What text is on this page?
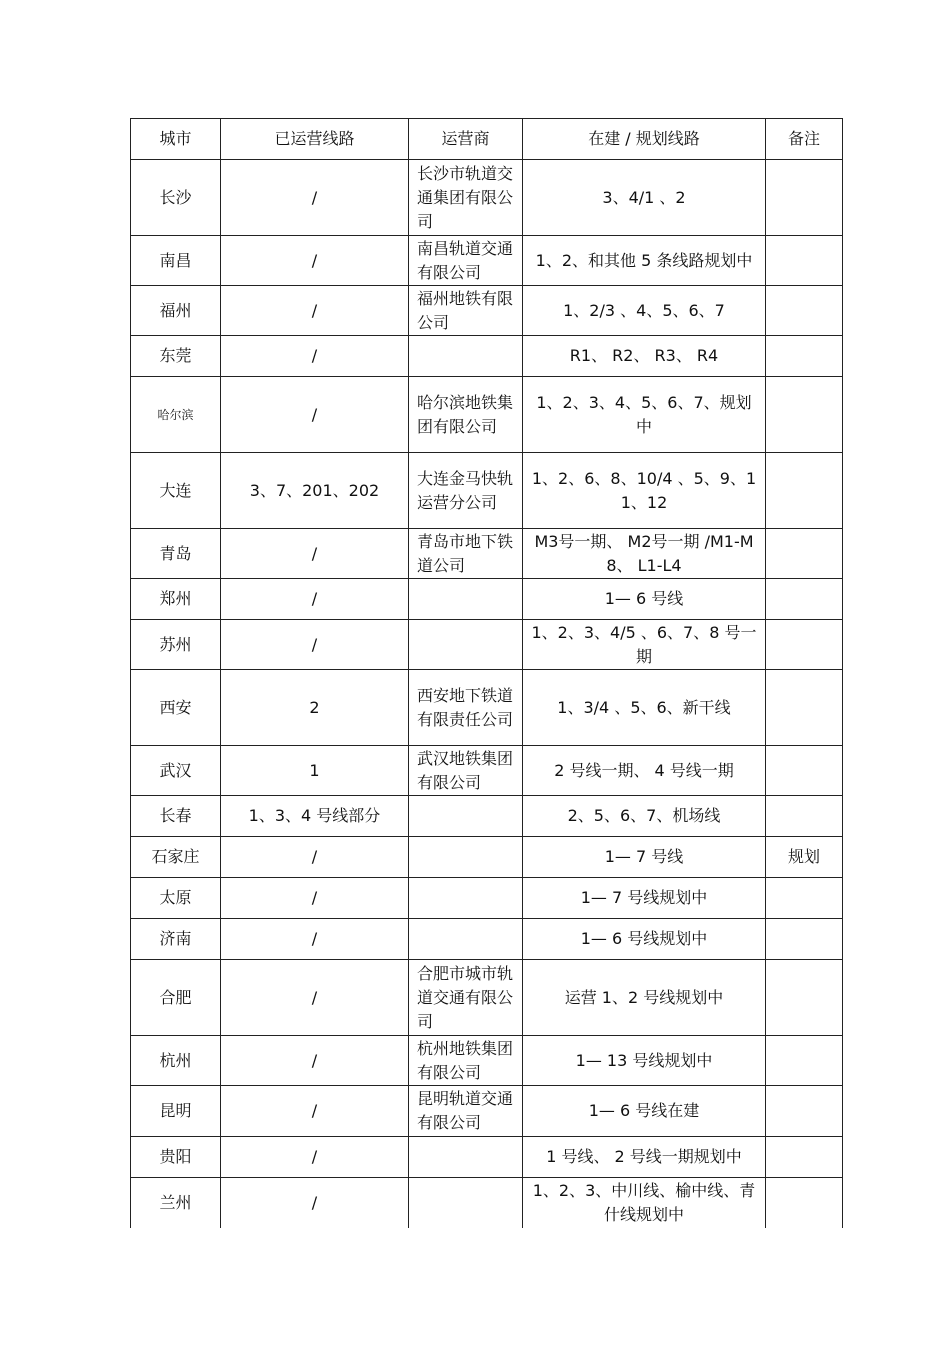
城市	已运营线路	运营商	在建 / 规划线路	备注
长沙	/	长沙市轨道交通集团有限公司	3、4/1 、2	
南昌	/	南昌轨道交通有限公司	1、2、和其他 5 条线路规划中	
福州	/	福州地铁有限公司	1、2/3 、4、5、6、7	
东莞	/		R1、 R2、 R3、 R4	
哈尔滨	/	哈尔滨地铁集团有限公司	1、2、3、4、5、6、7、规划中	
大连	3、7、201、202	大连金马快轨运营分公司	1、2、6、8、10/4 、5、9、11、12	
青岛	/	青岛市地下铁道公司	M3号一期、 M2号一期 /M1-M8、 L1-L4	
郑州	/		1— 6 号线	
苏州	/		1、2、3、4/5 、6、7、8 号一期	
西安	2	西安地下铁道有限责任公司	1、3/4 、5、6、新干线	
武汉	1	武汉地铁集团有限公司	2 号线一期、 4 号线一期	
长春	1、3、4 号线部分		2、5、6、7、机场线	
石家庄	/		1— 7 号线	规划
太原	/		1— 7 号线规划中	
济南	/		1— 6 号线规划中	
合肥	/	合肥市城市轨道交通有限公司	运营 1、2 号线规划中	
杭州	/	杭州地铁集团有限公司	1— 13 号线规划中	
昆明	/	昆明轨道交通有限公司	1— 6 号线在建	
贵阳	/		1 号线、 2 号线一期规划中	
兰州	/		1、2、3、中川线、榆中线、青什线规划中	
